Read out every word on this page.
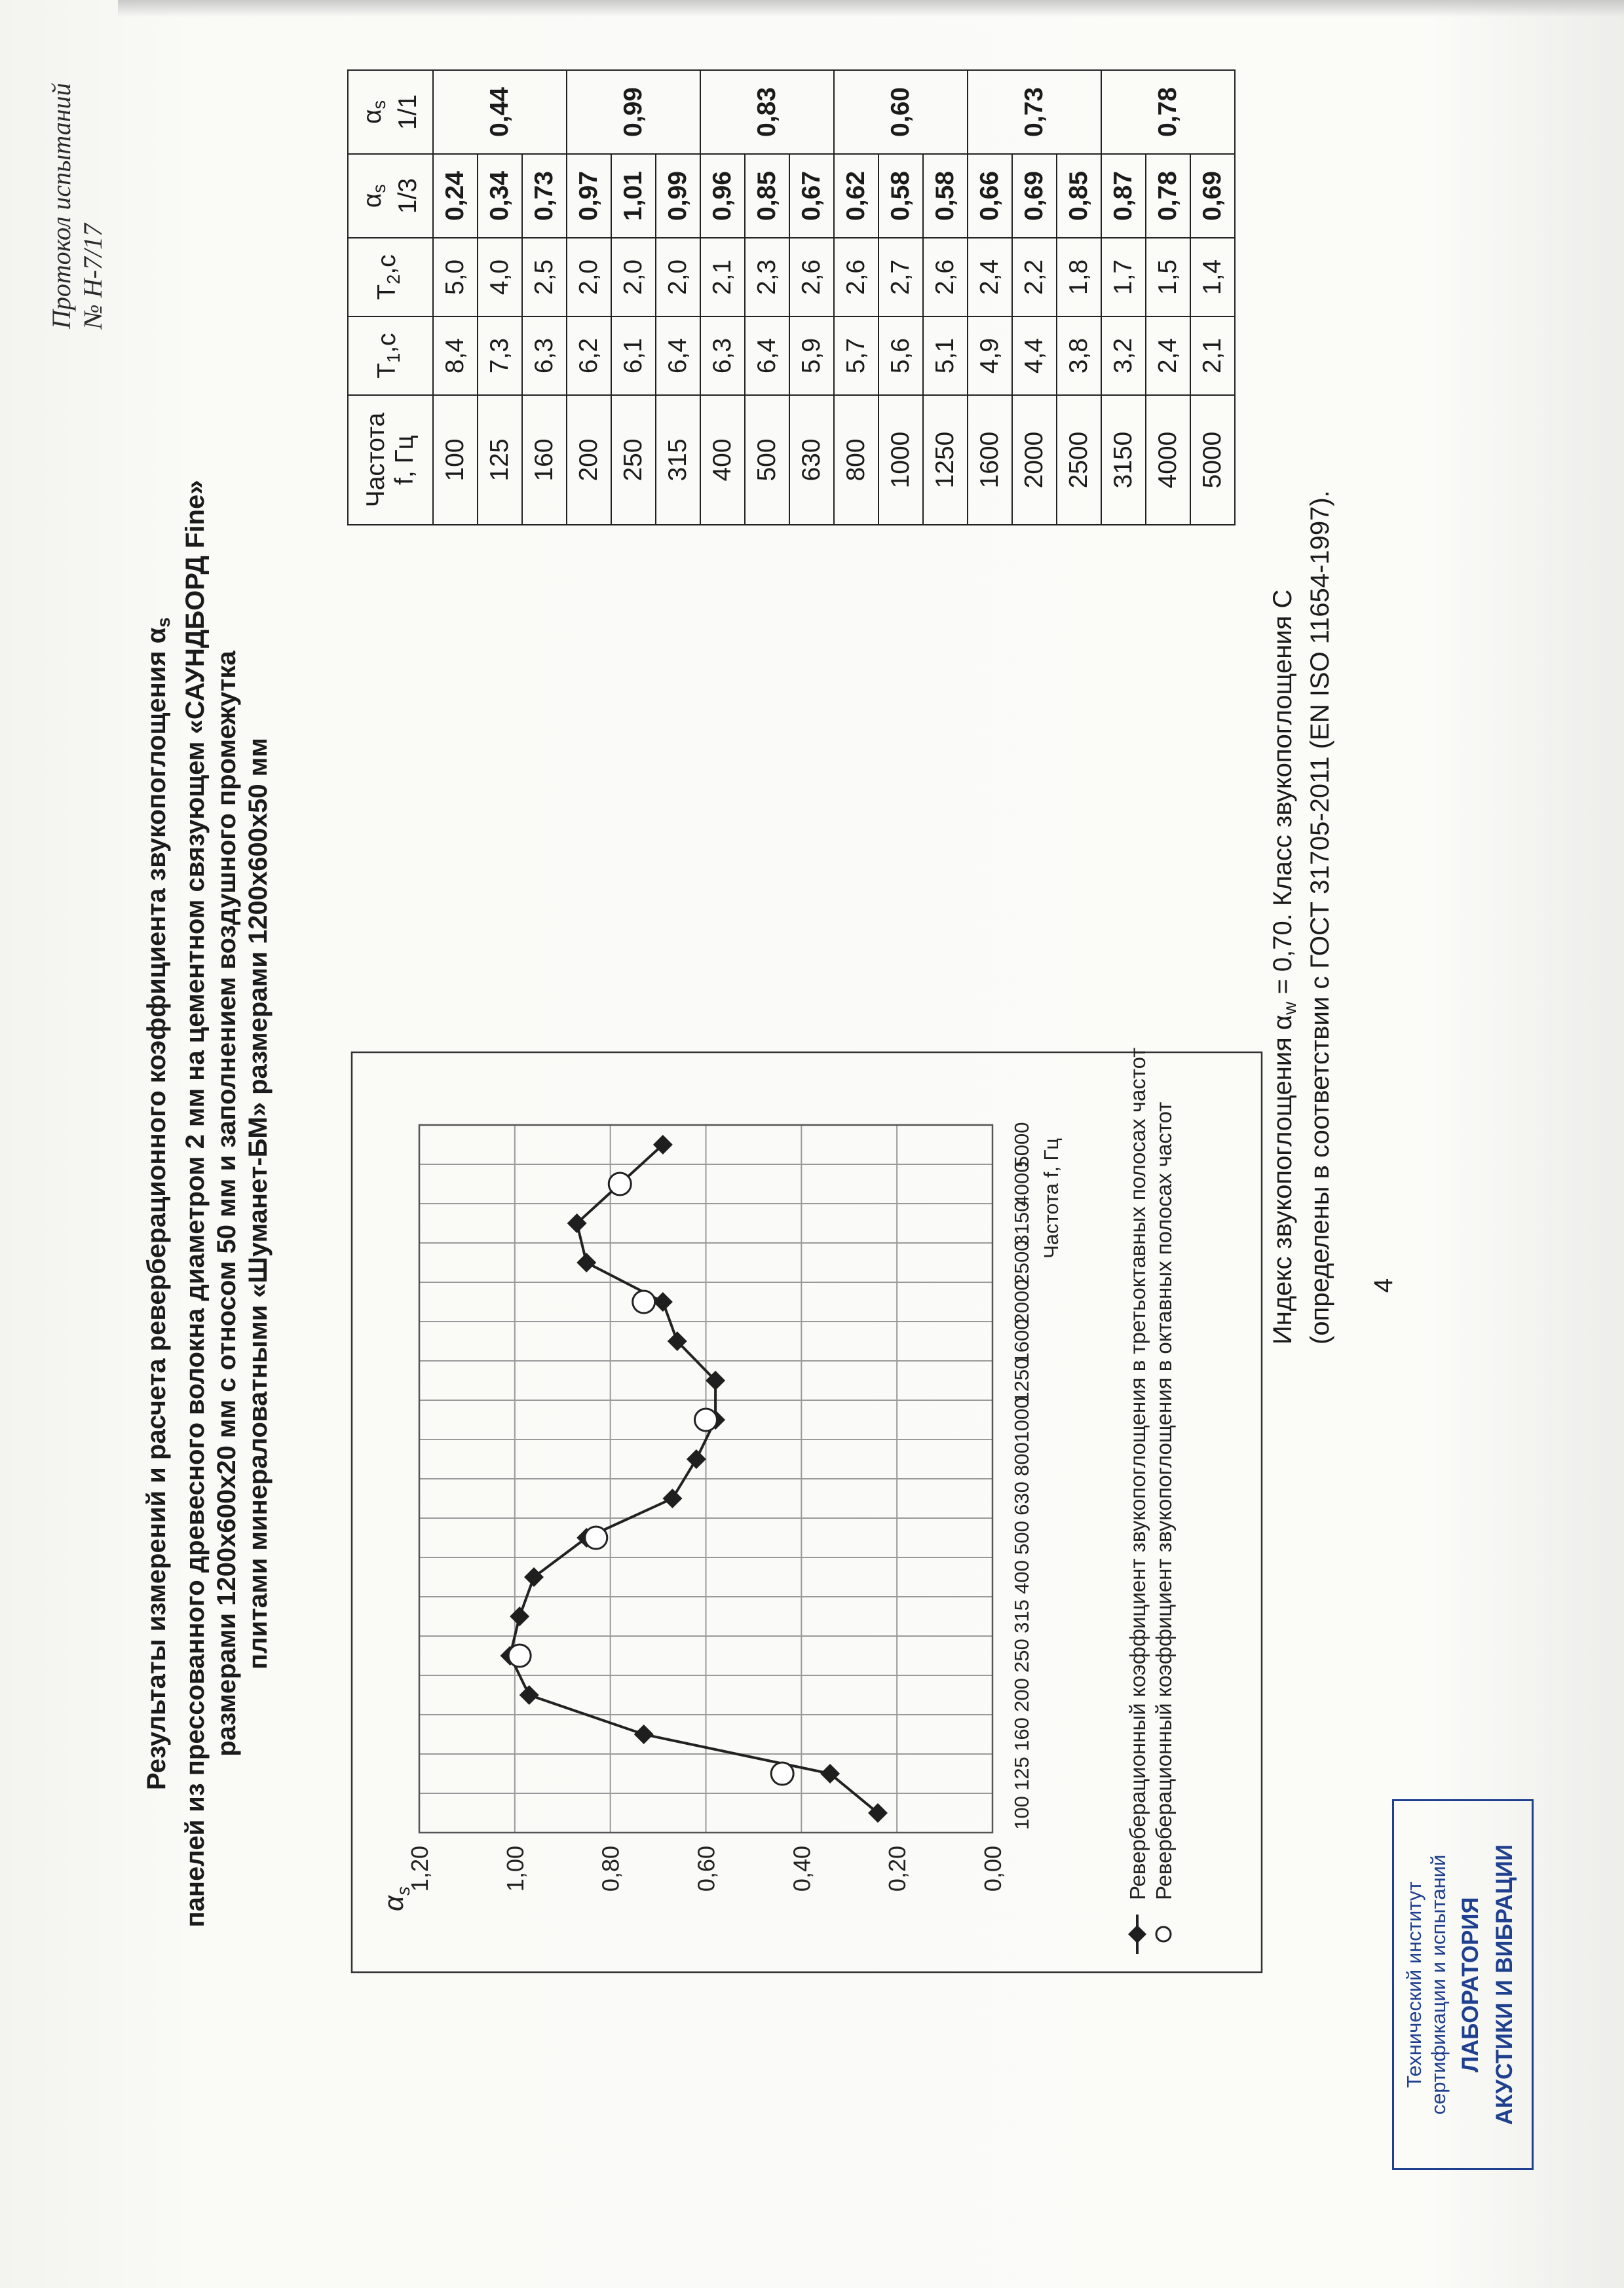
Протокол испытаний № Н-7/17
Результаты измерений и расчета реверберационного коэффициента звукопоглощения $\alpha_s$ панелей из прессованного древесного волокна диаметром 2 мм на цементном связующем «САУНДБОРД Fine» размерами 1200х600х20 мм с относом 50 мм и заполнением воздушного промежутка плитами минераловатными «Шуманет-БМ» размерами 1200х600х50 мм
0,00
0,20
0,40
0,60
0,80
1,00
1,20
100
125
160
200
250
315
400
500
630
800
1000
1250
1600
2000
2500
3150
4000
5000
$\alpha_s$
Частота f, Гц	Реверберационный коэффициент звукопоглощения в третьоктавных полосах частот Реверберационный коэффициент звукопоглощения в октавных полосах частот
Частота
f, Гц	$T_1,c$	$T_2,c$	$\alpha_s$ 1/3	$\alpha_s$ 1/1
100	8,4	5,0	0,24	0,44
125	7,3	4,0	0,34	
160	6,3	2,5	0,73	
200	6,2	2,0	0,97	0,99
250	6,1	2,0	1,01	
315	6,4	2,0	0,99	
400	6,3	2,1	0,96	0,83
500	6,4	2,3	0,85	
630	5,9	2,6	0,67	
800	5,7	2,6	0,62	0,60
1000	5,6	2,7	0,58	
1250	5,1	2,6	0,58	
1600	4,9	2,4	0,66	0,73
2000	4,4	2,2	0,69	
2500	3,8	1,8	0,85	
3150	3,2	1,7	0,87	0,78
4000	2,4	1,5	0,78	
5000	2,1	1,4	0,69	
Индекс звукопоглощения $\alpha_w = 0,70$. Класс звукопоглощения С (определены в соответствии с ГОСТ 31705-2011 (EN ISO 11654-1997). 4
Технический институт сертификации и испытаний ЛАБОРАТОРИЯ АКУСТИКИ И ВИБРАЦИИ
